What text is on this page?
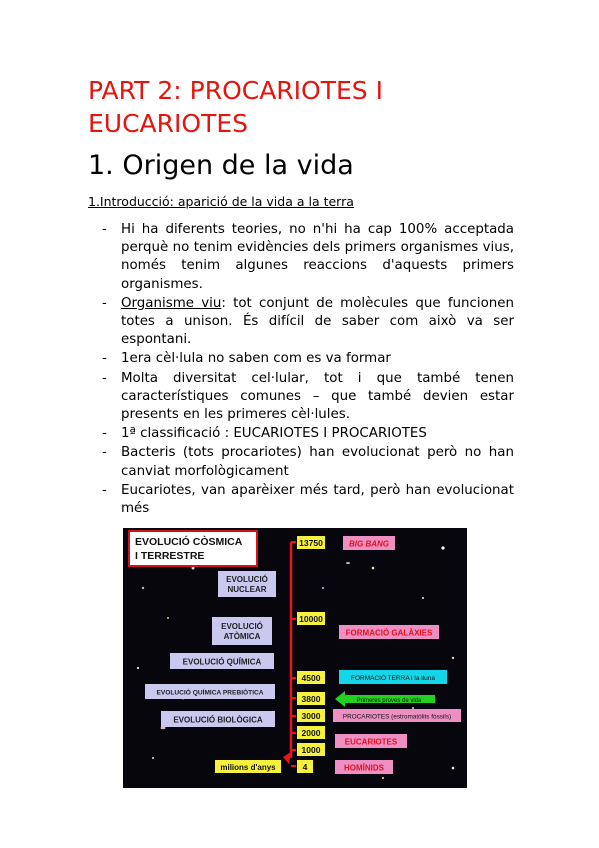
PART 2: PROCARIOTES I EUCARIOTES
1. Origen de la vida
1.Introducció: aparició de la vida a la terra
- Hi ha diferents teories, no n'hi ha cap 100% acceptada perquè no tenim evidències dels primers organismes vius, només tenim algunes reaccions d'aquests primers organismes.
- Organisme viu: tot conjunt de molècules que funcionen totes a unison. És difícil de saber com això va ser espontani.
- 1era cèl·lula no saben com es va formar
- Molta diversitat cel·lular, tot i que també tenen característiques comunes – que també devien estar presents en les primeres cèl·lules.
- 1ª classificació : EUCARIOTES I PROCARIOTES
- Bacteris (tots procariotes) han evolucionat però no han canviat morfològicament
- Eucariotes, van aparèixer més tard, però han evolucionat més
EVOLUCIÓ CÒSMICA
I TERRESTRE
EVOLUCIÓ
NUCLEAR
EVOLUCIÓ
ATÒMICA
EVOLUCIÓ QUÍMICA
EVOLUCIÓ QUÍMICA PREBIÒTICA
EVOLUCIÓ BIOLÒGICA
13750
10000
4500
3800
3000
2000
1000
4
milions d'anys
BIG BANG
FORMACIÓ GALÀXIES
FORMACIÓ TERRA i la lluna
Primeres proves de vida
PROCARIOTES (estromatòlits fòssils)
EUCARIOTES
HOMÍNIDS
